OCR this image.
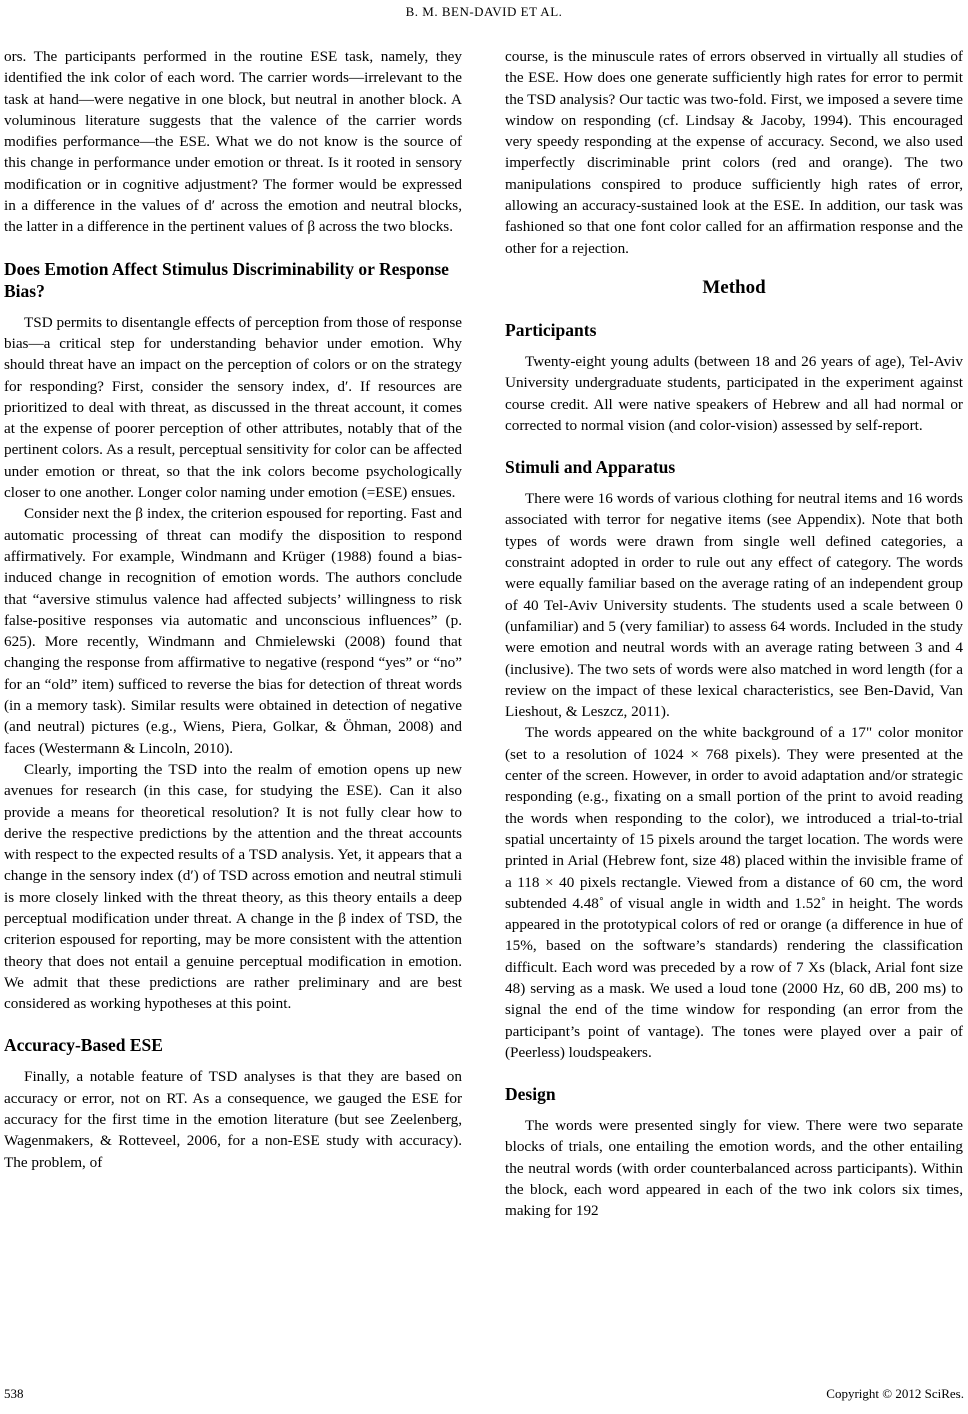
B. M. BEN-DAVID ET AL.

ors. The participants performed in the routine ESE task, namely, they identified the ink color of each word. The carrier words—irrelevant to the task at hand—were negative in one block, but neutral in another block. A voluminous literature suggests that the valence of the carrier words modifies performance—the ESE. What we do not know is the source of this change in performance under emotion or threat. Is it rooted in sensory modification or in cognitive adjustment? The former would be expressed in a difference in the values of d′ across the emotion and neutral blocks, the latter in a difference in the pertinent values of β across the two blocks.

Does Emotion Affect Stimulus Discriminability or Response Bias?

TSD permits to disentangle effects of perception from those of response bias—a critical step for understanding behavior under emotion. Why should threat have an impact on the perception of colors or on the strategy for responding? First, consider the sensory index, d′. If resources are prioritized to deal with threat, as discussed in the threat account, it comes at the expense of poorer perception of other attributes, notably that of the pertinent colors. As a result, perceptual sensitivity for color can be affected under emotion or threat, so that the ink colors become psychologically closer to one another. Longer color naming under emotion (=ESE) ensues.

Consider next the β index, the criterion espoused for reporting. Fast and automatic processing of threat can modify the disposition to respond affirmatively. For example, Windmann and Krüger (1988) found a bias-induced change in recognition of emotion words. The authors conclude that “aversive stimulus valence had affected subjects’ willingness to risk false-positive responses via automatic and unconscious influences” (p. 625). More recently, Windmann and Chmielewski (2008) found that changing the response from affirmative to negative (respond “yes” or “no” for an “old” item) sufficed to reverse the bias for detection of threat words (in a memory task). Similar results were obtained in detection of negative (and neutral) pictures (e.g., Wiens, Piera, Golkar, & Öhman, 2008) and faces (Westermann & Lincoln, 2010).

Clearly, importing the TSD into the realm of emotion opens up new avenues for research (in this case, for studying the ESE). Can it also provide a means for theoretical resolution? It is not fully clear how to derive the respective predictions by the attention and the threat accounts with respect to the expected results of a TSD analysis. Yet, it appears that a change in the sensory index (d′) of TSD across emotion and neutral stimuli is more closely linked with the threat theory, as this theory entails a deep perceptual modification under threat. A change in the β index of TSD, the criterion espoused for reporting, may be more consistent with the attention theory that does not entail a genuine perceptual modification in emotion. We admit that these predictions are rather preliminary and are best considered as working hypotheses at this point.

Accuracy-Based ESE

Finally, a notable feature of TSD analyses is that they are based on accuracy or error, not on RT. As a consequence, we gauged the ESE for accuracy for the first time in the emotion literature (but see Zeelenberg, Wagenmakers, & Rotteveel, 2006, for a non-ESE study with accuracy). The problem, of

course, is the minuscule rates of errors observed in virtually all studies of the ESE. How does one generate sufficiently high rates for error to permit the TSD analysis? Our tactic was two-fold. First, we imposed a severe time window on responding (cf. Lindsay & Jacoby, 1994). This encouraged very speedy responding at the expense of accuracy. Second, we also used imperfectly discriminable print colors (red and orange). The two manipulations conspired to produce sufficiently high rates of error, allowing an accuracy-sustained look at the ESE. In addition, our task was fashioned so that one font color called for an affirmation response and the other for a rejection.

Method
Participants

Twenty-eight young adults (between 18 and 26 years of age), Tel-Aviv University undergraduate students, participated in the experiment against course credit. All were native speakers of Hebrew and all had normal or corrected to normal vision (and color-vision) assessed by self-report.

Stimuli and Apparatus

There were 16 words of various clothing for neutral items and 16 words associated with terror for negative items (see Appendix). Note that both types of words were drawn from single well defined categories, a constraint adopted in order to rule out any effect of category. The words were equally familiar based on the average rating of an independent group of 40 Tel-Aviv University students. The students used a scale between 0 (unfamiliar) and 5 (very familiar) to assess 64 words. Included in the study were emotion and neutral words with an average rating between 3 and 4 (inclusive). The two sets of words were also matched in word length (for a review on the impact of these lexical characteristics, see Ben-David, Van Lieshout, & Leszcz, 2011).

The words appeared on the white background of a 17" color monitor (set to a resolution of 1024 × 768 pixels). They were presented at the center of the screen. However, in order to avoid adaptation and/or strategic responding (e.g., fixating on a small portion of the print to avoid reading the words when responding to the color), we introduced a trial-to-trial spatial uncertainty of 15 pixels around the target location. The words were printed in Arial (Hebrew font, size 48) placed within the invisible frame of a 118 × 40 pixels rectangle. Viewed from a distance of 60 cm, the word subtended 4.48˚ of visual angle in width and 1.52˚ in height. The words appeared in the prototypical colors of red or orange (a difference in hue of 15%, based on the software’s standards) rendering the classification difficult. Each word was preceded by a row of 7 Xs (black, Arial font size 48) serving as a mask. We used a loud tone (2000 Hz, 60 dB, 200 ms) to signal the end of the time window for responding (an error from the participant’s point of vantage). The tones were played over a pair of (Peerless) loudspeakers.

Design

The words were presented singly for view. There were two separate blocks of trials, one entailing the emotion words, and the other entailing the neutral words (with order counterbalanced across participants). Within the block, each word appeared in each of the two ink colors six times, making for 192

538	Copyright © 2012 SciRes.
